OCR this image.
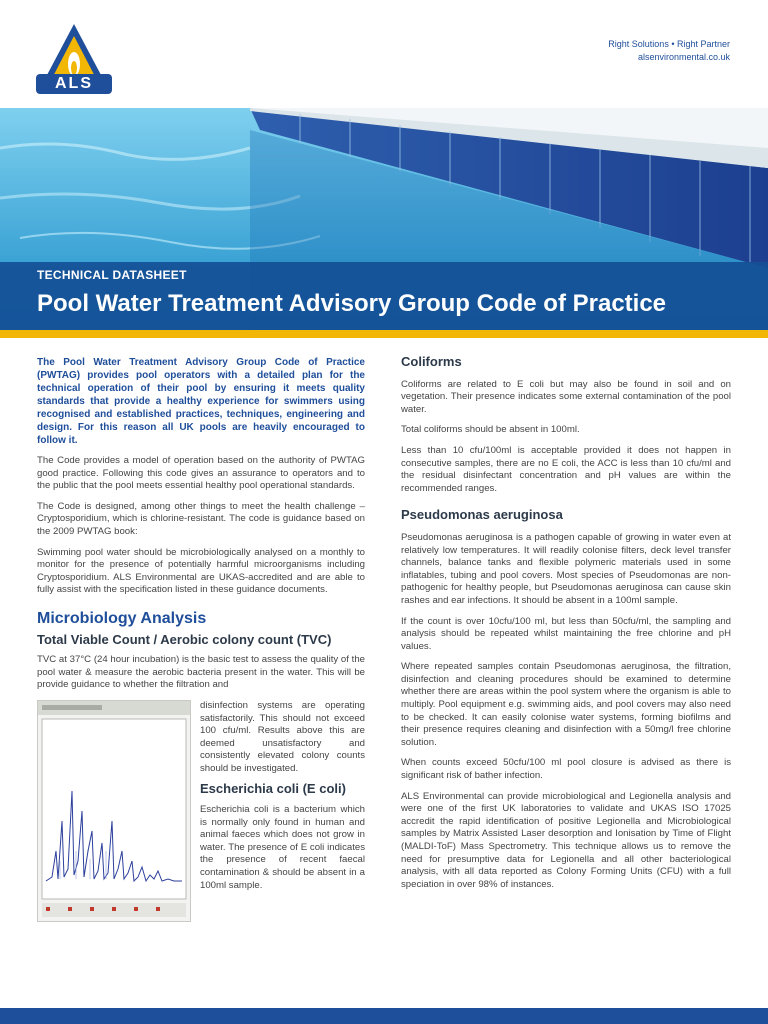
ALS
Right Solutions • Right Partner
alsenvironmental.co.uk
TECHNICAL DATASHEET
Pool Water Treatment Advisory Group Code of Practice

The Pool Water Treatment Advisory Group Code of Practice (PWTAG) provides pool operators with a detailed plan for the technical operation of their pool by ensuring it meets quality standards that provide a healthy experience for swimmers using recognised and established practices, techniques, engineering and design. For this reason all UK pools are heavily encouraged to follow it.

The Code provides a model of operation based on the authority of PWTAG good practice. Following this code gives an assurance to operators and to the public that the pool meets essential healthy pool operational standards.

The Code is designed, among other things to meet the health challenge – Cryptosporidium, which is chlorine-resistant. The code is guidance based on the 2009 PWTAG book:

Swimming pool water should be microbiologically analysed on a monthly to monitor for the presence of potentially harmful microorganisms including Cryptosporidium. ALS Environmental are UKAS-accredited and are able to fully assist with the specification listed in these guidance documents.

Microbiology Analysis
Total Viable Count / Aerobic colony count (TVC)

TVC at 37°C (24 hour incubation) is the basic test to assess the quality of the pool water & measure the aerobic bacteria present in the water. This will be provide guidance to whether the filtration and

disinfection systems are operating satisfactorily. This should not exceed 100 cfu/ml. Results above this are deemed unsatisfactory and consistently elevated colony counts should be investigated.

Escherichia coli (E coli)

Escherichia coli is a bacterium which is normally only found in human and animal faeces which does not grow in water. The presence of E coli indicates the presence of recent faecal contamination & should be absent in a 100ml sample.

Coliforms

Coliforms are related to E coli but may also be found in soil and on vegetation. Their presence indicates some external contamination of the pool water.

Total coliforms should be absent in 100ml.

Less than 10 cfu/100ml is acceptable provided it does not happen in consecutive samples, there are no E coli, the ACC is less than 10 cfu/ml and the residual disinfectant concentration and pH values are within the recommended ranges.

Pseudomonas aeruginosa

Pseudomonas aeruginosa is a pathogen capable of growing in water even at relatively low temperatures. It will readily colonise filters, deck level transfer channels, balance tanks and flexible polymeric materials used in some inflatables, tubing and pool covers. Most species of Pseudomonas are non-pathogenic for healthy people, but Pseudomonas aeruginosa can cause skin rashes and ear infections. It should be absent in a 100ml sample.

If the count is over 10cfu/100 ml, but less than 50cfu/ml, the sampling and analysis should be repeated whilst maintaining the free chlorine and pH values.

Where repeated samples contain Pseudomonas aeruginosa, the filtration, disinfection and cleaning procedures should be examined to determine whether there are areas within the pool system where the organism is able to multiply. Pool equipment e.g. swimming aids, and pool covers may also need to be checked. It can easily colonise water systems, forming biofilms and their presence requires cleaning and disinfection with a 50mg/l free chlorine solution.

When counts exceed 50cfu/100 ml pool closure is advised as there is significant risk of bather infection.

ALS Environmental can provide microbiological and Legionella analysis and were one of the first UK laboratories to validate and UKAS ISO 17025 accredit the rapid identification of positive Legionella and Microbiological samples by Matrix Assisted Laser desorption and Ionisation by Time of Flight (MALDI-ToF) Mass Spectrometry. This technique allows us to remove the need for presumptive data for Legionella and all other bacteriological analysis, with all data reported as Colony Forming Units (CFU) with a full speciation in over 98% of instances.
